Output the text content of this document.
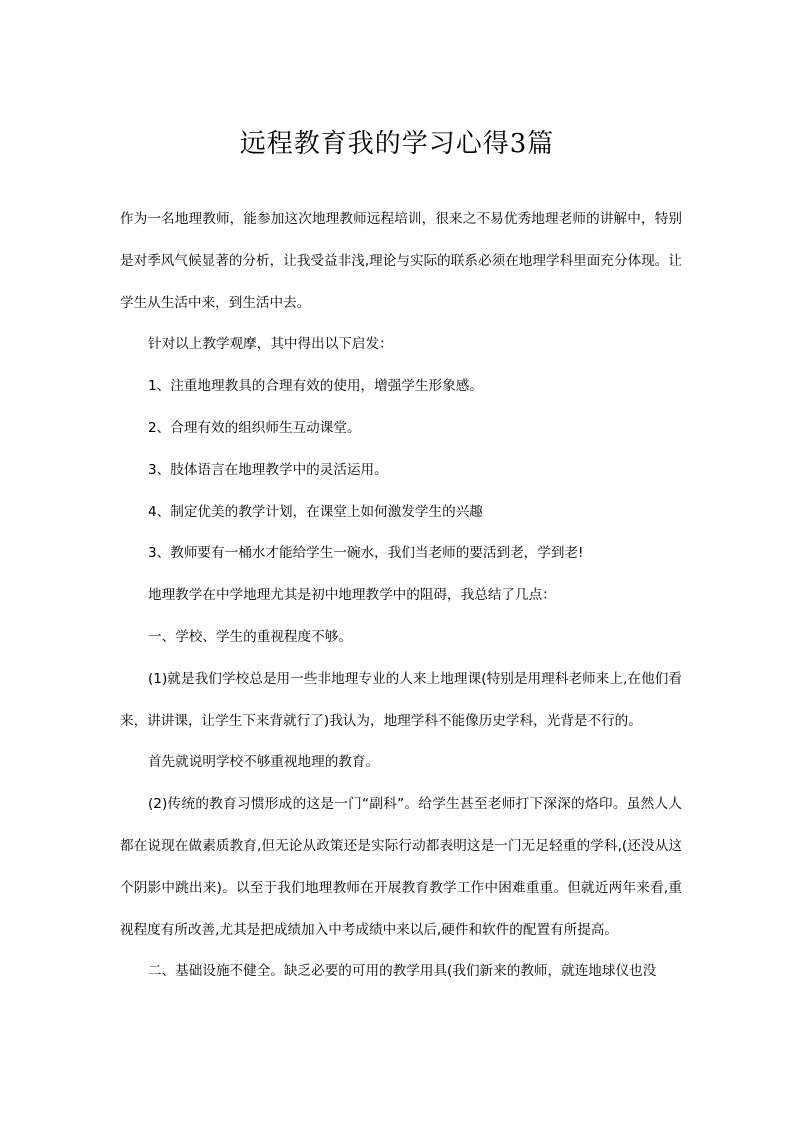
远程教育我的学习心得3篇

作为一名地理教师，能参加这次地理教师远程培训，很来之不易优秀地理老师的讲解中，特别是对季风气候显著的分析，让我受益非浅,理论与实际的联系必须在地理学科里面充分体现。让学生从生活中来，到生活中去。

针对以上教学观摩，其中得出以下启发：

1、注重地理教具的合理有效的使用，增强学生形象感。

2、合理有效的组织师生互动课堂。

3、肢体语言在地理教学中的灵活运用。

4、制定优美的教学计划，在课堂上如何激发学生的兴趣

3、教师要有一桶水才能给学生一碗水，我们当老师的要活到老，学到老!

地理教学在中学地理尤其是初中地理教学中的阻碍，我总结了几点：

一、学校、学生的重视程度不够。

(1)就是我们学校总是用一些非地理专业的人来上地理课(特别是用理科老师来上,在他们看来，讲讲课，让学生下来背就行了)我认为，地理学科不能像历史学科，光背是不行的。

首先就说明学校不够重视地理的教育。

(2)传统的教育习惯形成的这是一门“副科”。给学生甚至老师打下深深的烙印。虽然人人都在说现在做素质教育,但无论从政策还是实际行动都表明这是一门无足轻重的学科,(还没从这个阴影中跳出来)。以至于我们地理教师在开展教育教学工作中困难重重。但就近两年来看,重视程度有所改善,尤其是把成绩加入中考成绩中来以后,硬件和软件的配置有所提高。

二、基础设施不健全。缺乏必要的可用的教学用具(我们新来的教师，就连地球仪也没
